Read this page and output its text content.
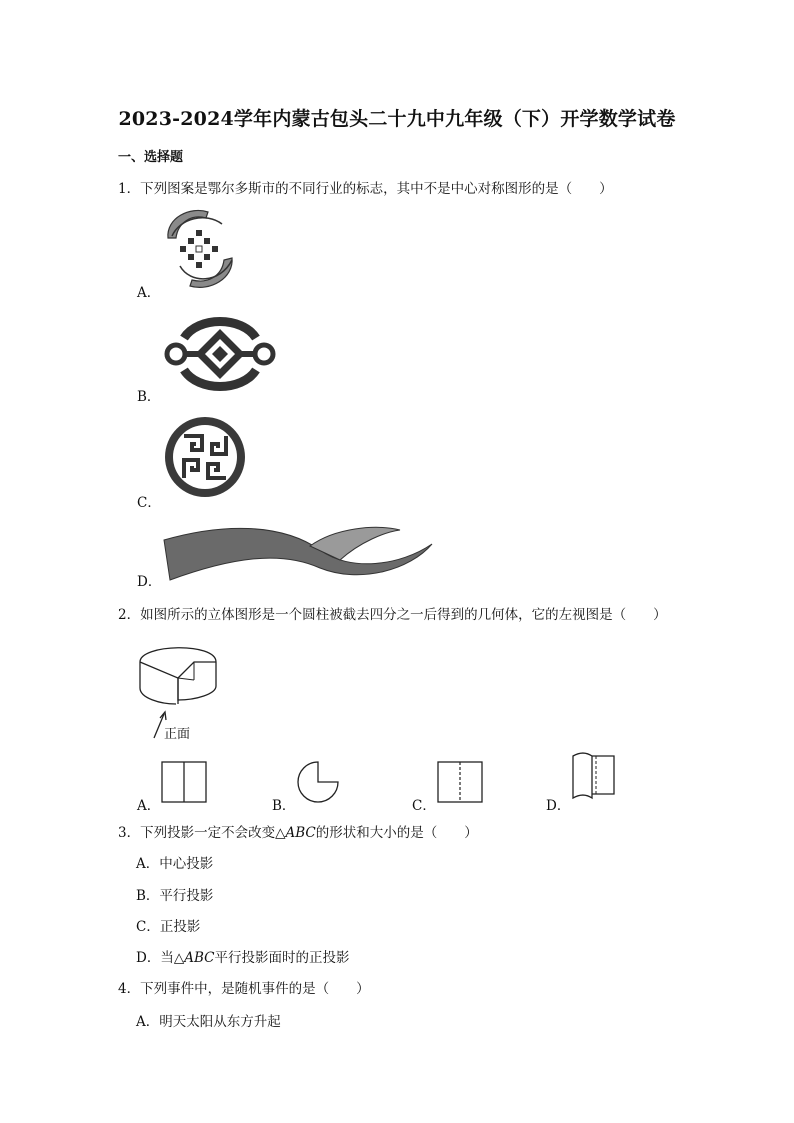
2023-2024学年内蒙古包头二十九中九年级（下）开学数学试卷
一、选择题
1．下列图案是鄂尔多斯市的不同行业的标志，其中不是中心对称图形的是（　　）
A．
B．
C．
D．
2．如图所示的立体图形是一个圆柱被截去四分之一后得到的几何体，它的左视图是（　　）
正面
A．	B．	C．	D．
3．下列投影一定不会改变△ABC的形状和大小的是（　　）
A．中心投影
B．平行投影
C．正投影
D．当△ABC平行投影面时的正投影
4．下列事件中，是随机事件的是（　　）
A．明天太阳从东方升起
